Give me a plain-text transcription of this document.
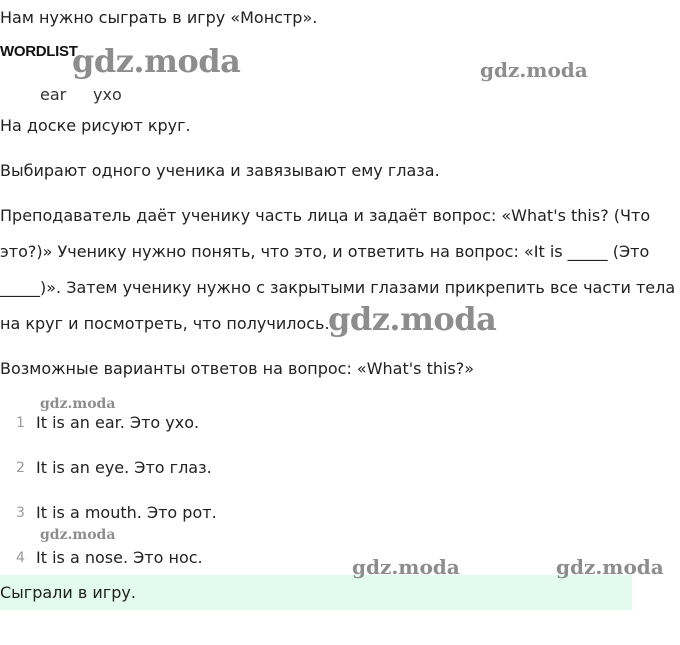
Нам нужно сыграть в игру «Монстр».
WORDLIST
ear ухо
На доске рисуют круг.
Выбирают одного ученика и завязывают ему глаза.
Преподаватель даёт ученику часть лица и задаёт вопрос: «What's this? (Что это?)» Ученику нужно понять, что это, и ответить на вопрос: «It is _____ (Это _____)». Затем ученику нужно с закрытыми глазами прикрепить все части тела на круг и посмотреть, что получилось.
Возможные варианты ответов на вопрос: «What's this?»
1 It is an ear. Это ухо.
2 It is an eye. Это глаз.
3 It is a mouth. Это рот.
4 It is a nose. Это нос.
Сыграли в игру.
gdz.moda	gdz.moda
gdz.moda
gdz.moda
gdz.moda
gdz.moda	gdz.moda
